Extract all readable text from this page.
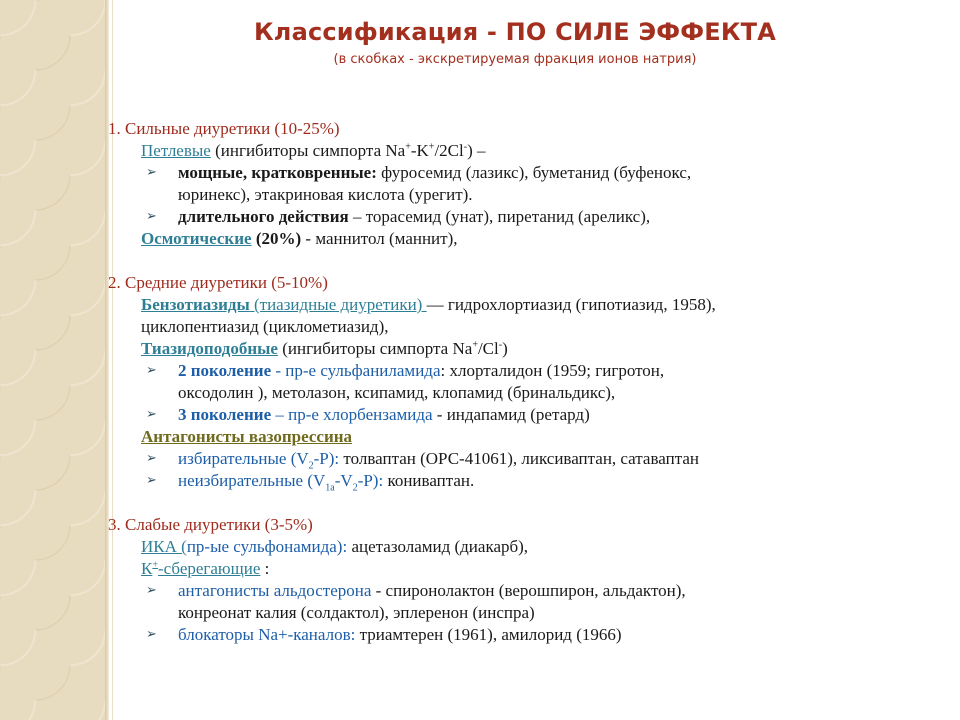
Классификация - ПО СИЛЕ ЭФФЕКТА
(в скобках - экскретируемая фракция ионов натрия)
1. Сильные диуретики (10-25%)
Петлевые (ингибиторы симпорта Na+-K+/2Cl-) –
➢ мощные, кратковренные: фуросемид (лазикс), буметанид (буфенокс,
юринекс), этакриновая кислота (урегит).
➢ длительного действия – торасемид (унат), пиретанид (ареликс),
Осмотические (20%) - маннитол (маннит),
2. Средние диуретики (5-10%)
Бензотиазиды (тиазидные диуретики) — гидрохлортиазид (гипотиазид, 1958),
циклопентиазид (циклометиазид),
Тиазидоподобные (ингибиторы симпорта Na+/Cl-)
➢ 2 поколение - пр-е сульфаниламида: хлорталидон (1959; гигротон,
оксодолин ), метолазон, ксипамид, клопамид (бринальдикс),
➢ 3 поколение – пр-е хлорбензамида - индапамид (ретард)
Антагонисты вазопрессина
➢ избирательные $(V_2-P)$: толваптан (ОРС-41061), ликсиваптан, сатаваптан
➢ неизбирательные $(V_{1a}-V_2-P)$: кониваптан.
3. Слабые диуретики (3-5%)
ИКА (пр-ые сульфонамида): ацетазоламид (диакарб),
К+-сберегающие :
➢ антагонисты альдостерона - спиронолактон (верошпирон, альдактон),
конреонат калия (солдактол), эплеренон (инспра)
➢ блокаторы Na+-каналов: триамтерен (1961), амилорид (1966)
